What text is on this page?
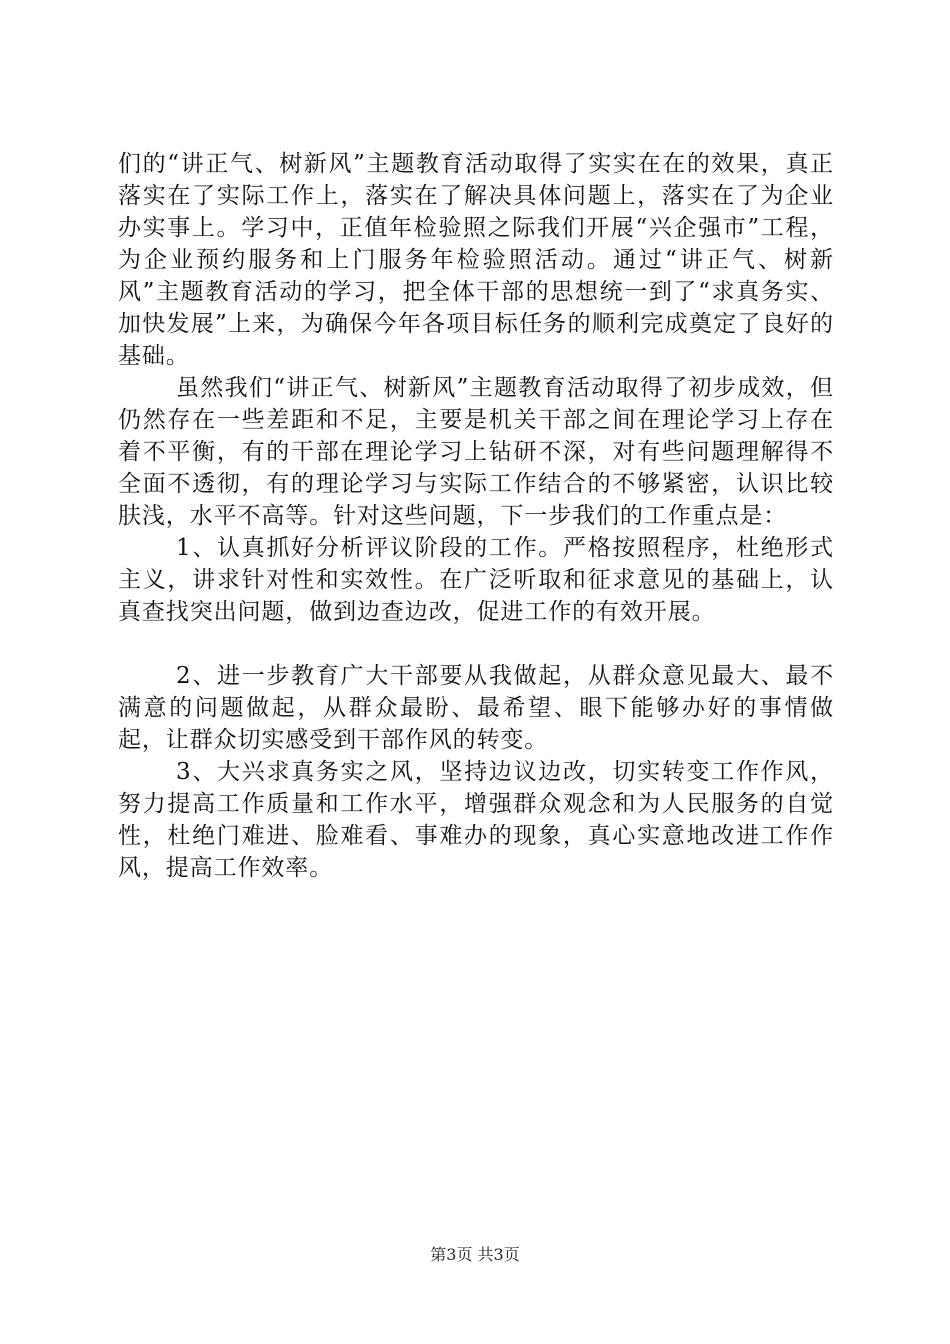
们的“讲正气、树新风”主题教育活动取得了实实在在的效果，真正落实在了实际工作上，落实在了解决具体问题上，落实在了为企业办实事上。学习中，正值年检验照之际我们开展“兴企强市”工程，为企业预约服务和上门服务年检验照活动。通过“讲正气、树新风”主题教育活动的学习，把全体干部的思想统一到了“求真务实、加快发展”上来，为确保今年各项目标任务的顺利完成奠定了良好的基础。

虽然我们“讲正气、树新风”主题教育活动取得了初步成效，但仍然存在一些差距和不足，主要是机关干部之间在理论学习上存在着不平衡，有的干部在理论学习上钻研不深，对有些问题理解得不全面不透彻，有的理论学习与实际工作结合的不够紧密，认识比较肤浅，水平不高等。针对这些问题，下一步我们的工作重点是：

1、认真抓好分析评议阶段的工作。严格按照程序，杜绝形式主义，讲求针对性和实效性。在广泛听取和征求意见的基础上，认真查找突出问题，做到边查边改，促进工作的有效开展。

2、进一步教育广大干部要从我做起，从群众意见最大、最不满意的问题做起，从群众最盼、最希望、眼下能够办好的事情做起，让群众切实感受到干部作风的转变。

3、大兴求真务实之风，坚持边议边改，切实转变工作作风，努力提高工作质量和工作水平，增强群众观念和为人民服务的自觉性，杜绝门难进、脸难看、事难办的现象，真心实意地改进工作作风，提高工作效率。

第3页 共3页
